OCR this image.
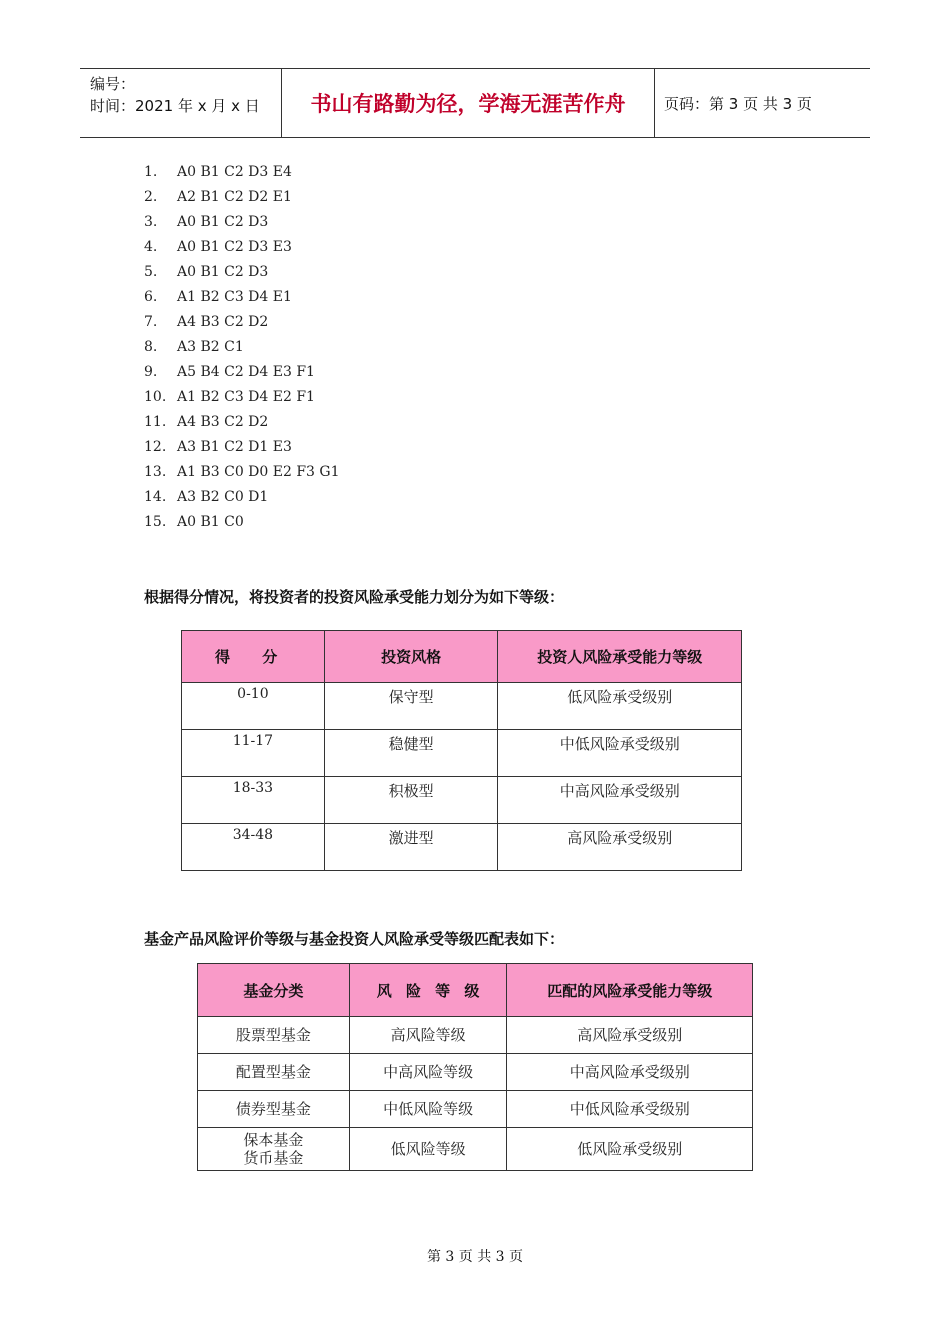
编号：
时间：2021 年 x 月 x 日	书山有路勤为径，学海无涯苦作舟	页码：第 3 页 共 3 页
1. A0 B1 C2 D3 E4
2. A2 B1 C2 D2 E1
3. A0 B1 C2 D3
4. A0 B1 C2 D3 E3
5. A0 B1 C2 D3
6. A1 B2 C3 D4 E1
7. A4 B3 C2 D2
8. A3 B2 C1
9. A5 B4 C2 D4 E3 F1
10. A1 B2 C3 D4 E2 F1
11. A4 B3 C2 D2
12. A3 B1 C2 D1 E3
13. A1 B3 C0 D0 E2 F3 G1
14. A3 B2 C0 D1
15. A0 B1 C0
根据得分情况，将投资者的投资风险承受能力划分为如下等级：
得 分	投资风格	投资人风险承受能力等级
0-10	保守型	低风险承受级别
11-17	稳健型	中低风险承受级别
18-33	积极型	中高风险承受级别
34-48	激进型	高风险承受级别
基金产品风险评价等级与基金投资人风险承受等级匹配表如下：
基金分类	风 险 等 级	匹配的风险承受能力等级
股票型基金	高风险等级	高风险承受级别
配置型基金	中高风险等级	中高风险承受级别
债券型基金	中低风险等级	中低风险承受级别

保本基金
货币基金	低风险等级	低风险承受级别
第 3 页 共 3 页
